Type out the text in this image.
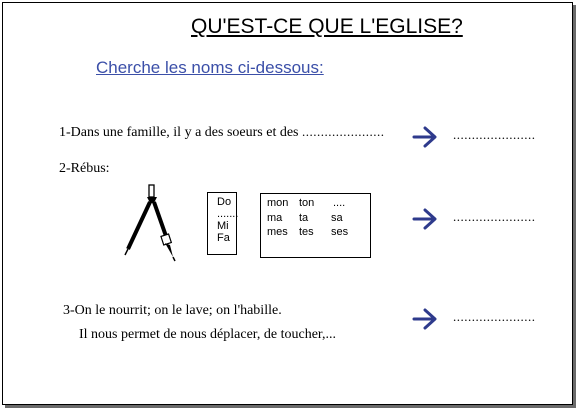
QU'EST-CE QUE L'EGLISE?
Cherche les noms ci-dessous:
1-Dans une famille, il y a des soeurs et des ......................	......................
2-Rébus:
Do
.......
Mi
Fa
mon ton ....
ma ta sa
mes tes ses
......................
3-On le nourrit; on le lave; on l'habille.
Il nous permet de nous déplacer, de toucher,...
......................
